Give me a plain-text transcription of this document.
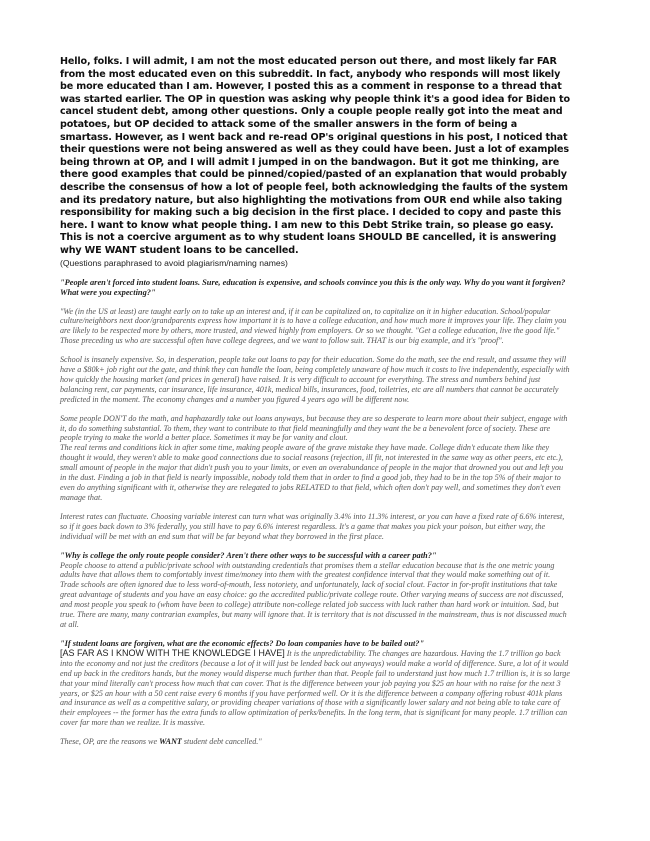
Hello, folks. I will admit, I am not the most educated person out there, and most likely far FAR from the most educated even on this subreddit. In fact, anybody who responds will most likely be more educated than I am. However, I posted this as a comment in response to a thread that was started earlier. The OP in question was asking why people think it's a good idea for Biden to cancel student debt, among other questions. Only a couple people really got into the meat and potatoes, but OP decided to attack some of the smaller answers in the form of being a smartass. However, as I went back and re-read OP's original questions in his post, I noticed that their questions were not being answered as well as they could have been. Just a lot of examples being thrown at OP, and I will admit I jumped in on the bandwagon. But it got me thinking, are there good examples that could be pinned/copied/pasted of an explanation that would probably describe the consensus of how a lot of people feel, both acknowledging the faults of the system and its predatory nature, but also highlighting the motivations from OUR end while also taking responsibility for making such a big decision in the first place. I decided to copy and paste this here. I want to know what people thing. I am new to this Debt Strike train, so please go easy. This is not a coercive argument as to why student loans SHOULD BE cancelled, it is answering why WE WANT student loans to be cancelled.
(Questions paraphrased to avoid plagiarism/naming names)
"People aren't forced into student loans. Sure, education is expensive, and schools convince you this is the only way. Why do you want it forgiven? What were you expecting?"
"We (in the US at least) are taught early on to take up an interest and, if it can be capitalized on, to capitalize on it in higher education. School/popular culture/neighbors next door/grandparents express how important it is to have a college education, and how much more it improves your life. They claim you are likely to be respected more by others, more trusted, and viewed highly from employers. Or so we thought. "Get a college education, live the good life." Those preceding us who are successful often have college degrees, and we want to follow suit. THAT is our big example, and it's "proof".
School is insanely expensive. So, in desperation, people take out loans to pay for their education. Some do the math, see the end result, and assume they will have a $80k+ job right out the gate, and think they can handle the loan, being completely unaware of how much it costs to live independently, especially with how quickly the housing market (and prices in general) have raised. It is very difficult to account for everything. The stress and numbers behind just balancing rent, car payments, car insurance, life insurance, 401k, medical bills, insurances, food, toiletries, etc are all numbers that cannot be accurately predicted in the moment. The economy changes and a number you figured 4 years ago will be different now.
Some people DON'T do the math, and haphazardly take out loans anyways, but because they are so desperate to learn more about their subject, engage with it, do do something substantial. To them, they want to contribute to that field meaningfully and they want the be a benevolent force of society. These are people trying to make the world a better place. Sometimes it may be for vanity and clout.
The real terms and conditions kick in after some time, making people aware of the grave mistake they have made. College didn't educate them like they thought it would, they weren't able to make good connections due to social reasons (rejection, ill fit, not interested in the same way as other peers, etc etc.), small amount of people in the major that didn't push you to your limits, or even an overabundance of people in the major that drowned you out and left you in the dust. Finding a job in that field is nearly impossible, nobody told them that in order to find a good job, they had to be in the top 5% of their major to even do anything significant with it, otherwise they are relegated to jobs RELATED to that field, which often don't pay well, and sometimes they don't even manage that.
Interest rates can fluctuate. Choosing variable interest can turn what was originally 3.4% into 11.3% interest, or you can have a fixed rate of 6.6% interest, so if it goes back down to 3% federally, you still have to pay 6.6% interest regardless. It's a game that makes you pick your poison, but either way, the individual will be met with an end sum that will be far beyond what they borrowed in the first place.
"Why is college the only route people consider? Aren't there other ways to be successful with a career path?"
People choose to attend a public/private school with outstanding credentials that promises them a stellar education because that is the one metric young adults have that allows them to comfortably invest time/money into them with the greatest confidence interval that they would make something out of it. Trade schools are often ignored due to less word-of-mouth, less notoriety, and unfortunately, lack of social clout. Factor in for-profit institutions that take great advantage of students and you have an easy choice: go the accredited public/private college route. Other varying means of success are not discussed, and most people you speak to (whom have been to college) attribute non-college related job success with luck rather than hard work or intuition. Sad, but true. There are many, many contrarian examples, but many will ignore that. It is territory that is not discussed in the mainstream, thus is not discussed much at all.
"If student loans are forgiven, what are the economic effects? Do loan companies have to be bailed out?"
[AS FAR AS I KNOW WITH THE KNOWLEDGE I HAVE] It is the unpredictability. The changes are hazardous. Having the 1.7 trillion go back into the economy and not just the creditors (because a lot of it will just be lended back out anyways) would make a world of difference. Sure, a lot of it would end up back in the creditors hands, but the money would disperse much further than that. People fail to understand just how much 1.7 trillion is, it is so large that your mind literally can't process how much that can cover. That is the difference between your job paying you $25 an hour with no raise for the next 3 years, or $25 an hour with a 50 cent raise every 6 months if you have performed well. Or it is the difference between a company offering robust 401k plans and insurance as well as a competitive salary, or providing cheaper variations of those with a significantly lower salary and not being able to take care of their employees -- the former has the extra funds to allow optimization of perks/benefits. In the long term, that is significant for many people. 1.7 trillion can cover far more than we realize. It is massive.
These, OP, are the reasons we WANT student debt cancelled."
